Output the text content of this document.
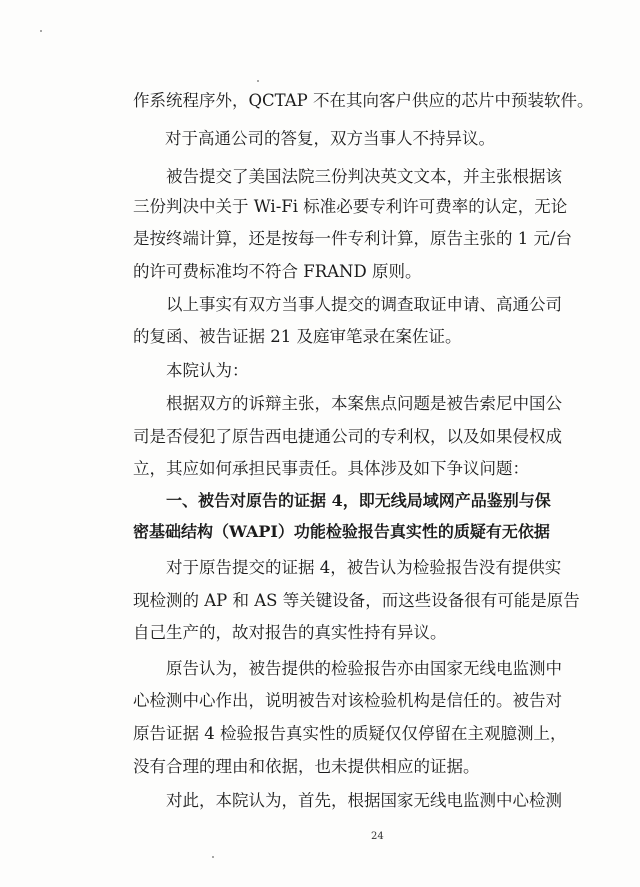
作系统程序外，QCTAP 不在其向客户供应的芯片中预装软件。
对于高通公司的答复，双方当事人不持异议。
被告提交了美国法院三份判决英文文本，并主张根据该
三份判决中关于 Wi-Fi 标准必要专利许可费率的认定，无论
是按终端计算，还是按每一件专利计算，原告主张的 1 元/台
的许可费标准均不符合 FRAND 原则。
以上事实有双方当事人提交的调查取证申请、高通公司
的复函、被告证据 21 及庭审笔录在案佐证。
本院认为：
根据双方的诉辩主张，本案焦点问题是被告索尼中国公
司是否侵犯了原告西电捷通公司的专利权，以及如果侵权成
立，其应如何承担民事责任。具体涉及如下争议问题：
一、被告对原告的证据 4，即无线局域网产品鉴别与保
密基础结构（WAPI）功能检验报告真实性的质疑有无依据
对于原告提交的证据 4，被告认为检验报告没有提供实
现检测的 AP 和 AS 等关键设备，而这些设备很有可能是原告
自己生产的，故对报告的真实性持有异议。
原告认为，被告提供的检验报告亦由国家无线电监测中
心检测中心作出，说明被告对该检验机构是信任的。被告对
原告证据 4 检验报告真实性的质疑仅仅停留在主观臆测上，
没有合理的理由和依据，也未提供相应的证据。
对此，本院认为，首先，根据国家无线电监测中心检测
24
